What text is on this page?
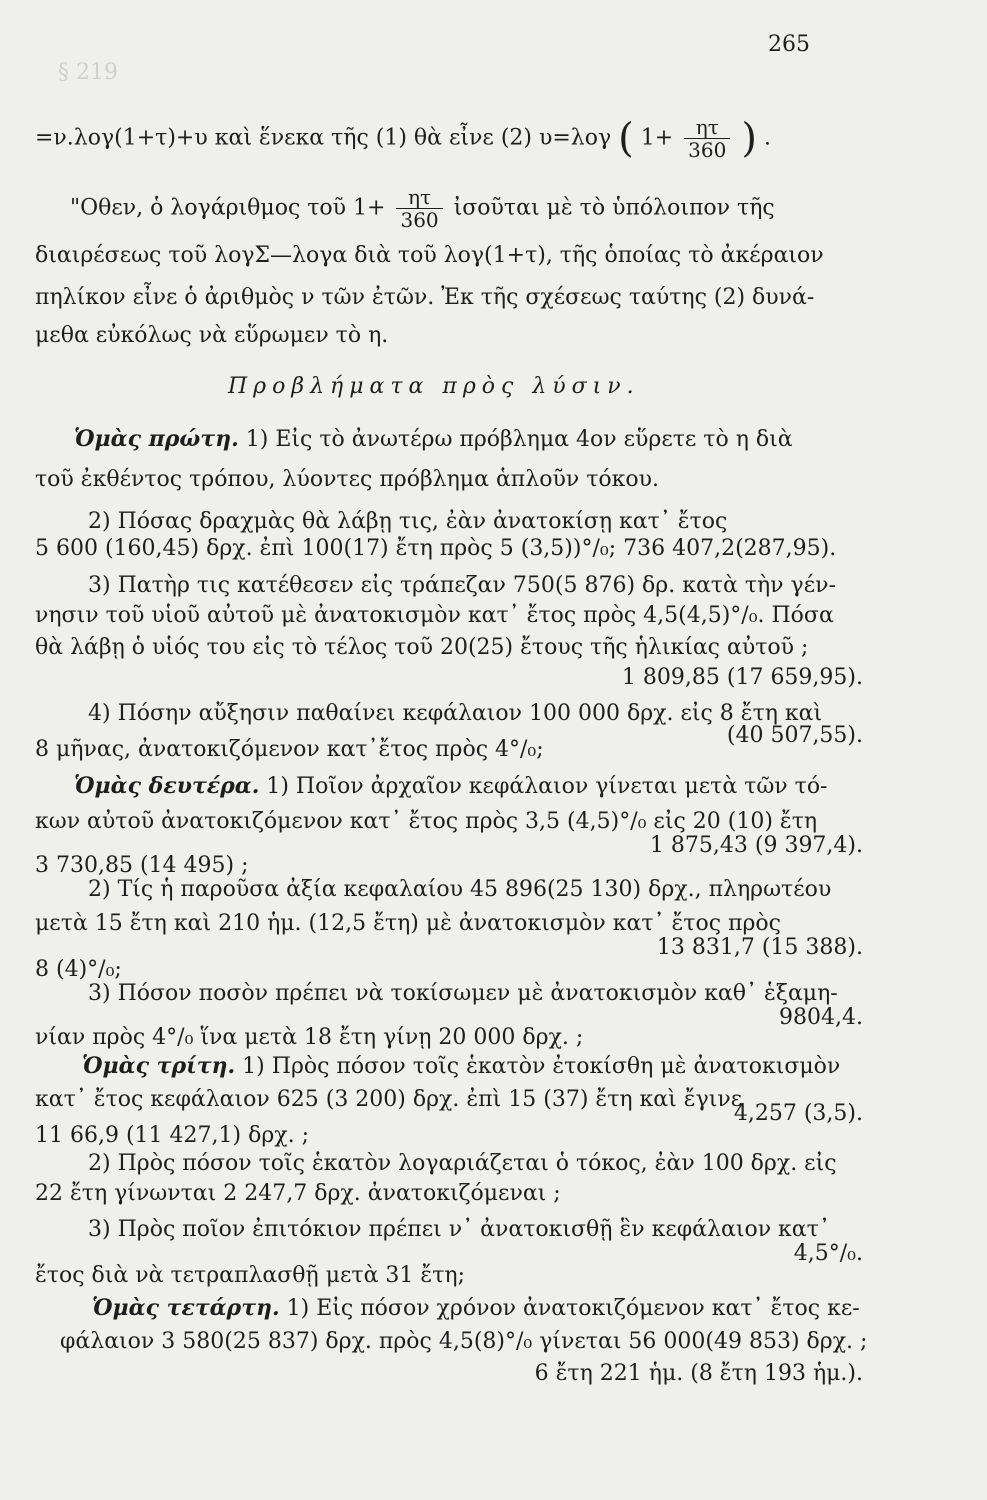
265
§ 219
=ν.λογ(1+τ)+υ καὶ ἕνεκα τῆς (1) θὰ εἶνε (2) υ=λογ ( $1+ \frac{\eta\tau}{360}$ ) .
"Οθεν, ὁ λογάριθμος τοῦ $1+ \frac{\eta\tau}{360}$ ἰσοῦται μὲ τὸ ὑπόλοιπον τῆς
διαιρέσεως τοῦ λογΣ—λογα διὰ τοῦ λογ(1+τ), τῆς ὁποίας τὸ ἀκέραιον
πηλίκον εἶνε ὁ ἀριθμὸς ν τῶν ἐτῶν. Ἐκ τῆς σχέσεως ταύτης (2) δυνά-
μεθα εὐκόλως νὰ εὕρωμεν τὸ η.
Προβλήματα πρὸς λύσιν.
Ὁμὰς πρώτη. 1) Εἰς τὸ ἀνωτέρω πρόβλημα 4ον εὕρετε τὸ η διὰ
τοῦ ἐκθέντος τρόπου, λύοντες πρόβλημα ἁπλοῦν τόκου.
2) Πόσας δραχμὰς θὰ λάβῃ τις, ἐὰν ἀνατοκίσῃ κατ᾽ ἔτος
5 600 (160,45) δρχ. ἐπὶ 100(17) ἔτη πρὸς 5 (3,5))°/₀; 736 407,2(287,95).
3) Πατὴρ τις κατέθεσεν εἰς τράπεζαν 750(5 876) δρ. κατὰ τὴν γέν-
νησιν τοῦ υἱοῦ αὐτοῦ μὲ ἀνατοκισμὸν κατ᾽ ἔτος πρὸς 4,5(4,5)°/₀. Πόσα
θὰ λάβῃ ὁ υἱός του εἰς τὸ τέλος τοῦ 20(25) ἔτους τῆς ἡλικίας αὐτοῦ ;
1 809,85 (17 659,95).
4) Πόσην αὔξησιν παθαίνει κεφάλαιον 100 000 δρχ. εἰς 8 ἔτη καὶ
8 μῆνας, ἀνατοκιζόμενον κατ᾽ἔτος πρὸς 4°/₀;
(40 507,55).
Ὁμὰς δευτέρα. 1) Ποῖον ἀρχαῖον κεφάλαιον γίνεται μετὰ τῶν τό-
κων αὐτοῦ ἀνατοκιζόμενον κατ᾽ ἔτος πρὸς 3,5 (4,5)°/₀ εἰς 20 (10) ἔτη
1 875,43 (9 397,4).
3 730,85 (14 495) ;
2) Τίς ἡ παροῦσα ἀξία κεφαλαίου 45 896(25 130) δρχ., πληρωτέου
μετὰ 15 ἔτη καὶ 210 ἡμ. (12,5 ἔτη) μὲ ἀνατοκισμὸν κατ᾽ ἔτος πρὸς
13 831,7 (15 388).
8 (4)°/₀;
3) Πόσον ποσὸν πρέπει νὰ τοκίσωμεν μὲ ἀνατοκισμὸν καθ᾽ ἑξαμη-
9804,4.
νίαν πρὸς 4°/₀ ἵνα μετὰ 18 ἔτη γίνῃ 20 000 δρχ. ;
Ὁμὰς τρίτη. 1) Πρὸς πόσον τοῖς ἑκατὸν ἐτοκίσθη μὲ ἀνατοκισμὸν
κατ᾽ ἔτος κεφάλαιον 625 (3 200) δρχ. ἐπὶ 15 (37) ἔτη καὶ ἔγινε
4,257 (3,5).
11 66,9 (11 427,1) δρχ. ;
2) Πρὸς πόσον τοῖς ἑκατὸν λογαριάζεται ὁ τόκος, ἐὰν 100 δρχ. εἰς
22 ἔτη γίνωνται 2 247,7 δρχ. ἀνατοκιζόμεναι ;
3) Πρὸς ποῖον ἐπιτόκιον πρέπει ν᾽ ἀνατοκισθῇ ἓν κεφάλαιον κατ᾽
4,5°/₀.
ἔτος διὰ νὰ τετραπλασθῇ μετὰ 31 ἔτη;
Ὁμὰς τετάρτη. 1) Εἰς πόσον χρόνον ἀνατοκιζόμενον κατ᾽ ἔτος κε-
φάλαιον 3 580(25 837) δρχ. πρὸς 4,5(8)°/₀ γίνεται 56 000(49 853) δρχ. ;
6 ἔτη 221 ἡμ. (8 ἔτη 193 ἡμ.).
